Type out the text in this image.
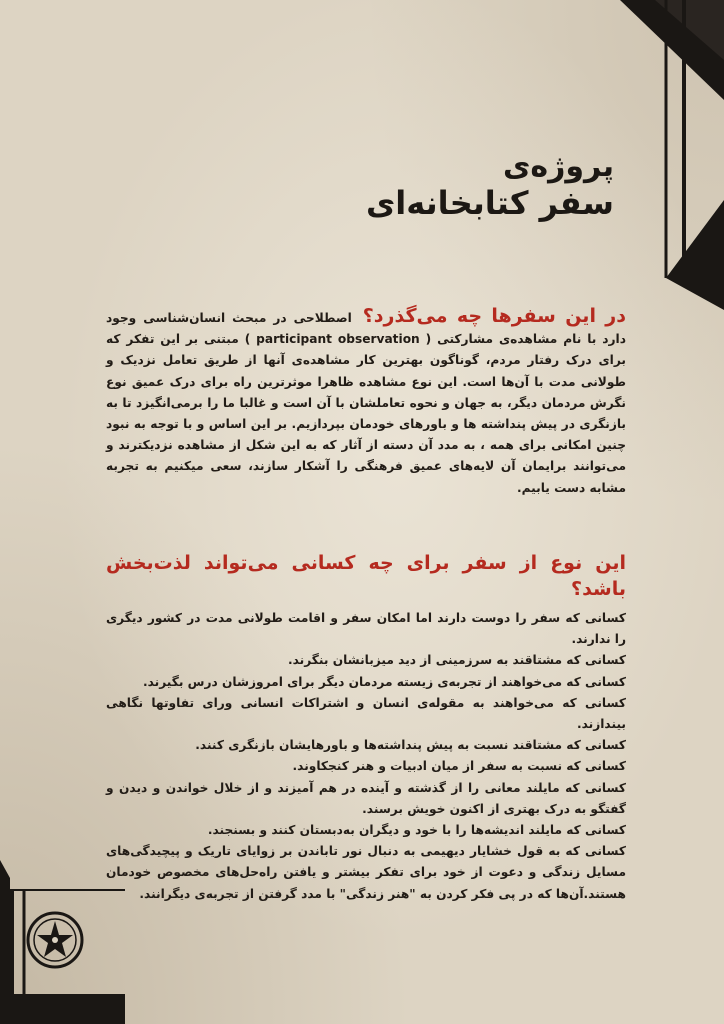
پروژه‌ی
سفر کتابخانه‌ای
در این سفرها چه می‌گذرد؟ اصطلاحی در مبحث انسان‌شناسی وجود دارد با نام مشاهده‌ی مشارکتی ( participant observation ) مبتنی بر این تفکر که برای درک رفتار مردم، گوناگون بهترین کار مشاهده‌ی آنها از طریق تعامل نزدیک و طولانی مدت با آن‌ها است. این نوع مشاهده ظاهرا موثرترین راه برای درک عمیق نوع نگرش مردمان دیگر، به جهان و نحوه تعاملشان با آن است و غالبا ما را برمی‌انگیزد تا به بازنگری در پیش پنداشته ها و باورهای خودمان بپردازیم. بر این اساس و با توجه به نبود چنین امکانی برای همه ، به مدد آن دسته از آثار که به این شکل از مشاهده نزدیکترند و می‌توانند برایمان آن لایه‌های عمیق فرهنگی را آشکار سازند، سعی میکنیم به تجربه مشابه دست یابیم.
این نوع از سفر برای چه کسانی می‌تواند لذت‌بخش باشد؟
کسانی که سفر را دوست دارند اما امکان سفر و اقامت طولانی مدت در کشور دیگری را ندارند.
کسانی که مشتاقند به سرزمینی از دید میزبانشان بنگرند.
کسانی که می‌خواهند از تجربه‌ی زیسته مردمان دیگر برای امروزشان درس بگیرند.
کسانی که می‌خواهند به مقوله‌ی انسان و اشتراکات انسانی ورای تفاوتها نگاهی بیندازند.
کسانی که مشتاقند نسبت به پیش پنداشته‌ها و باورهایشان بازنگری کنند.
کسانی که نسبت به سفر از میان ادبیات و هنر کنجکاوند.
کسانی که مایلند معانی را از گذشته و آینده در هم آمیزند و از خلال خواندن و دیدن و گفتگو به درک بهتری از اکنون خویش برسند.
کسانی که مایلند اندیشه‌ها را با خود و دیگران به‌دبستان کنند و بسنجند.
کسانی که به قول خشایار دیهیمی به دنبال نور تاباندن بر زوایای تاریک و پیچیدگی‌های مسایل زندگی و دعوت از خود برای تفکر بیشتر و یافتن راه‌حل‌های مخصوص خودمان هستند.آن‌ها که در پی فکر کردن به "هنر زندگی" با مدد گرفتن از تجربه‌ی دیگرانند.
